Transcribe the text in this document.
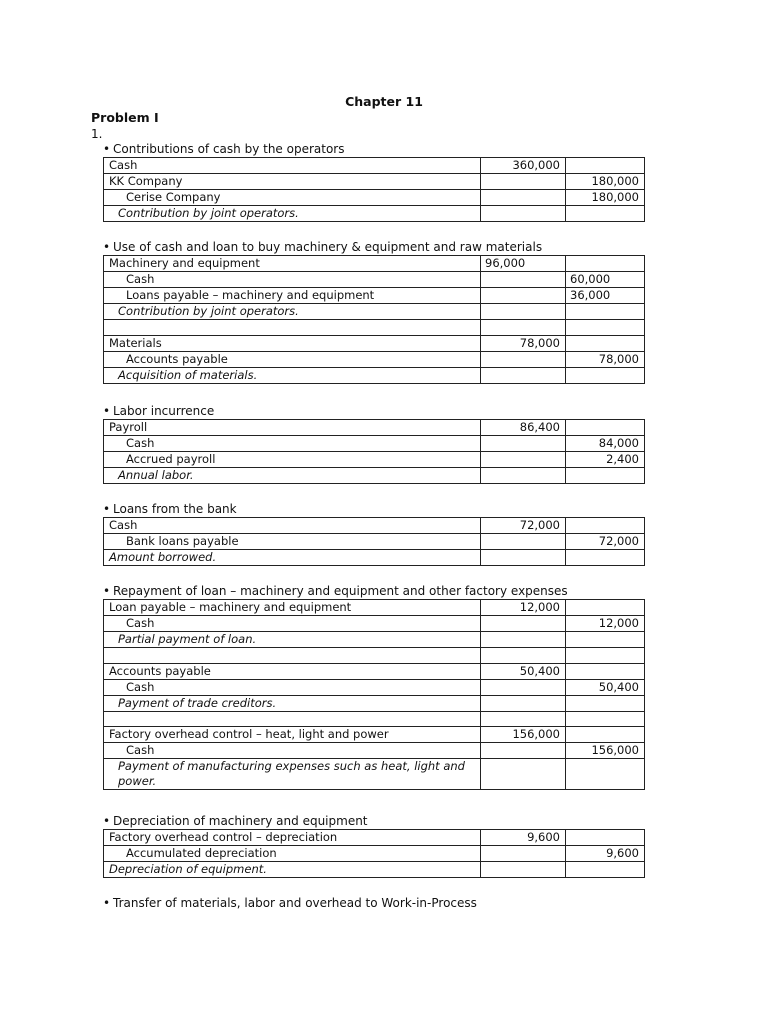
Chapter 11
Problem I
1.
• Contributions of cash by the operators
Cash	360,000	
KK Company		180,000
Cerise Company		180,000
Contribution by joint operators.		
• Use of cash and loan to buy machinery & equipment and raw materials
Machinery and equipment	96,000	
Cash		60,000
Loans payable – machinery and equipment		36,000
Contribution by joint operators.		

Materials	78,000	
Accounts payable		78,000
Acquisition of materials.		
• Labor incurrence
Payroll	86,400	
Cash		84,000
Accrued payroll		2,400
Annual labor.		
• Loans from the bank
Cash	72,000	
Bank loans payable		72,000
Amount borrowed.		
• Repayment of loan – machinery and equipment and other factory expenses
Loan payable – machinery and equipment	12,000	
Cash		12,000
Partial payment of loan.		

Accounts payable	50,400	
Cash		50,400
Payment of trade creditors.		

Factory overhead control – heat, light and power	156,000	
Cash		156,000
Payment of manufacturing expenses such as heat, light and power.		
• Depreciation of machinery and equipment
Factory overhead control – depreciation	9,600	
Accumulated depreciation		9,600
Depreciation of equipment.		
• Transfer of materials, labor and overhead to Work-in-Process
